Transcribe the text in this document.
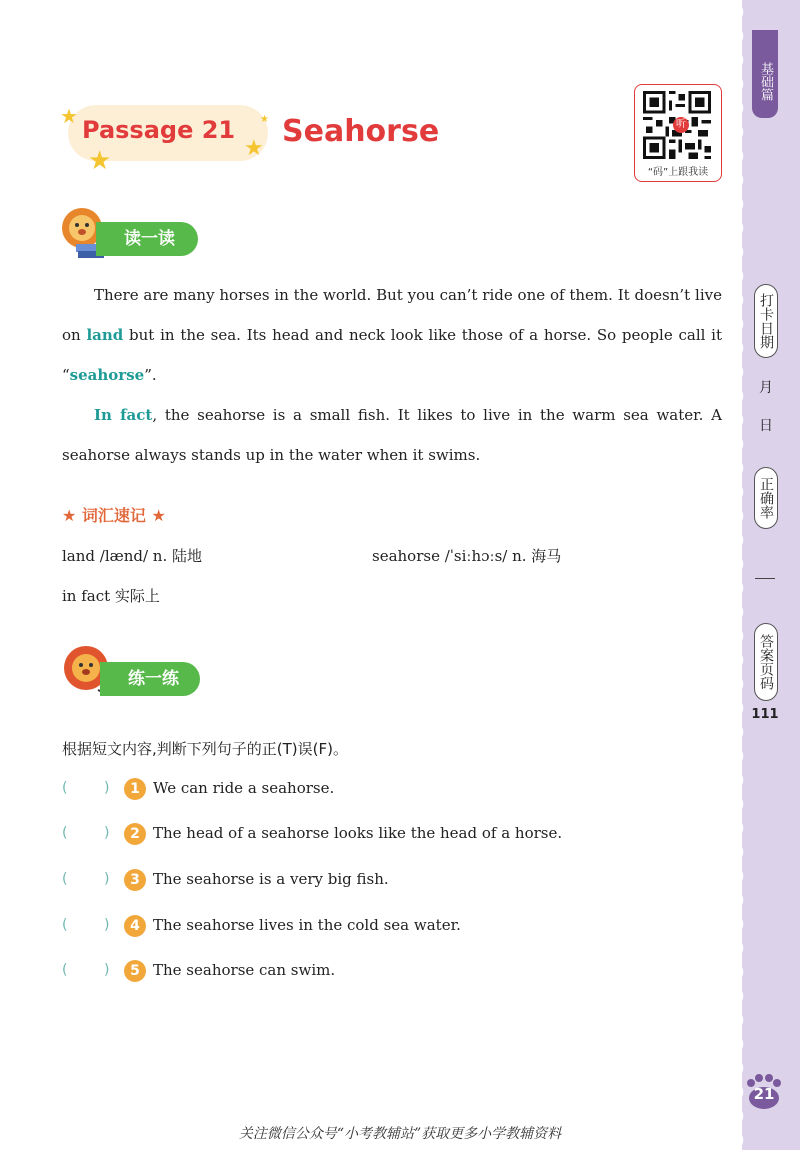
基础篇
打卡日期
月
日
正确率
答案页码
111
★
★	★
★
Passage 21 Seahorse	听
“码”上跟我读
读一读

There are many horses in the world. But you can’t ride one of them. It doesn’t live on land but in the sea. Its head and neck look like those of a horse. So people call it “seahorse”.

In fact, the seahorse is a small fish. It likes to live in the warm sea water. A seahorse always stands up in the water when it swims.

★ 词汇速记 ★
land /lænd/ n. 陆地	seahorse /ˈsiːhɔːs/ n. 海马
in fact 实际上
练一练
根据短文内容,判断下列句子的正(T)误(F)。
(	)	1 We can ride a seahorse.
(	)	2 The head of a seahorse looks like the head of a horse.
(	)	3 The seahorse is a very big fish.
(	)	4 The seahorse lives in the cold sea water.
(	)	5 The seahorse can swim.
21
关注微信公众号“小考教辅站”获取更多小学教辅资料
